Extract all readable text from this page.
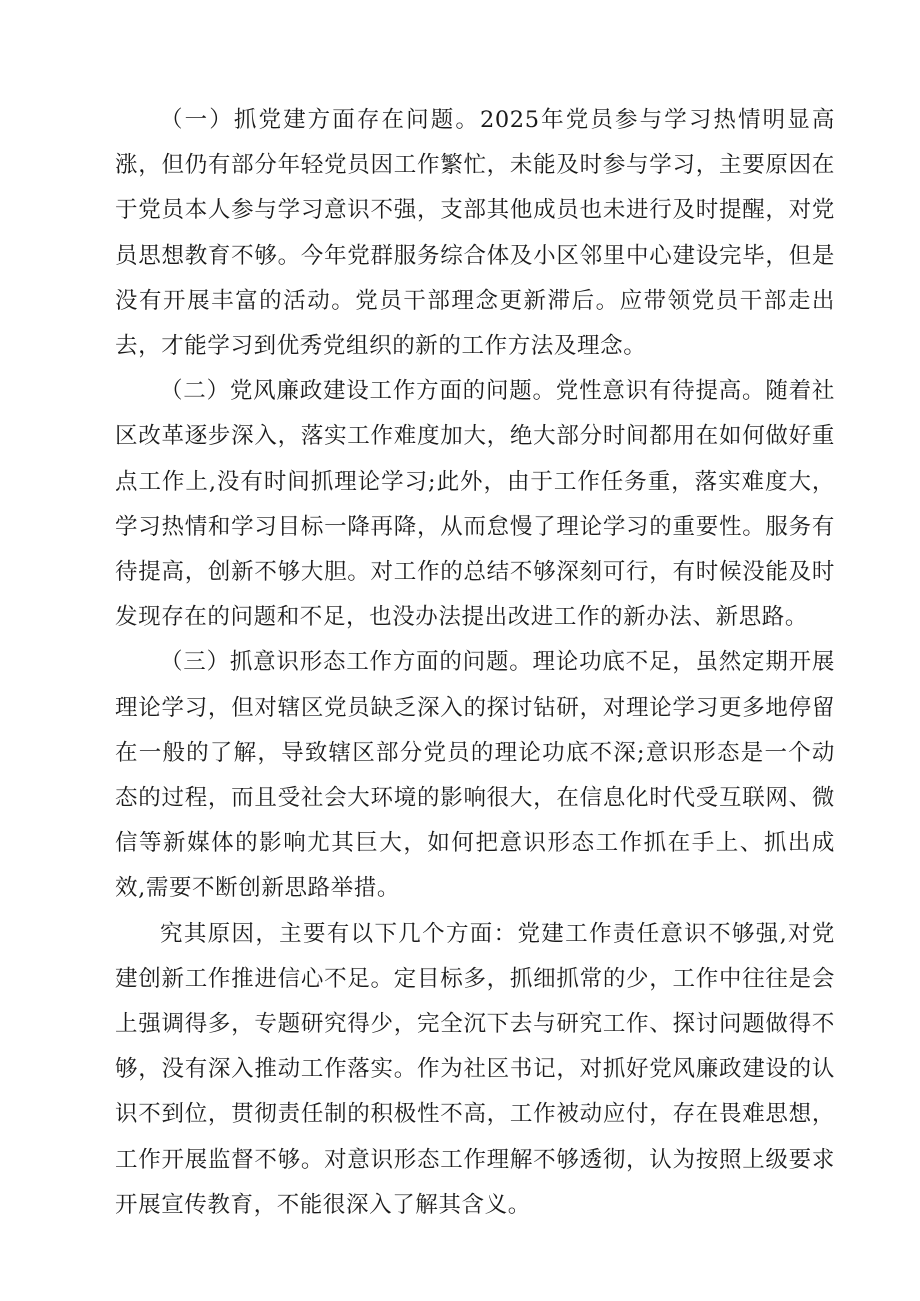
（一）抓党建方面存在问题。2025年党员参与学习热情明显高涨，但仍有部分年轻党员因工作繁忙，未能及时参与学习，主要原因在于党员本人参与学习意识不强，支部其他成员也未进行及时提醒，对党员思想教育不够。今年党群服务综合体及小区邻里中心建设完毕，但是没有开展丰富的活动。党员干部理念更新滞后。应带领党员干部走出去，才能学习到优秀党组织的新的工作方法及理念。

（二）党风廉政建设工作方面的问题。党性意识有待提高。随着社区改革逐步深入，落实工作难度加大，绝大部分时间都用在如何做好重点工作上,没有时间抓理论学习;此外，由于工作任务重，落实难度大，学习热情和学习目标一降再降，从而怠慢了理论学习的重要性。服务有待提高，创新不够大胆。对工作的总结不够深刻可行，有时候没能及时发现存在的问题和不足，也没办法提出改进工作的新办法、新思路。

（三）抓意识形态工作方面的问题。理论功底不足，虽然定期开展理论学习，但对辖区党员缺乏深入的探讨钻研，对理论学习更多地停留在一般的了解，导致辖区部分党员的理论功底不深;意识形态是一个动态的过程，而且受社会大环境的影响很大，在信息化时代受互联网、微信等新媒体的影响尤其巨大，如何把意识形态工作抓在手上、抓出成效,需要不断创新思路举措。

究其原因，主要有以下几个方面：党建工作责任意识不够强,对党建创新工作推进信心不足。定目标多，抓细抓常的少，工作中往往是会上强调得多，专题研究得少，完全沉下去与研究工作、探讨问题做得不够，没有深入推动工作落实。作为社区书记，对抓好党风廉政建设的认识不到位，贯彻责任制的积极性不高，工作被动应付，存在畏难思想，工作开展监督不够。对意识形态工作理解不够透彻，认为按照上级要求开展宣传教育，不能很深入了解其含义。
